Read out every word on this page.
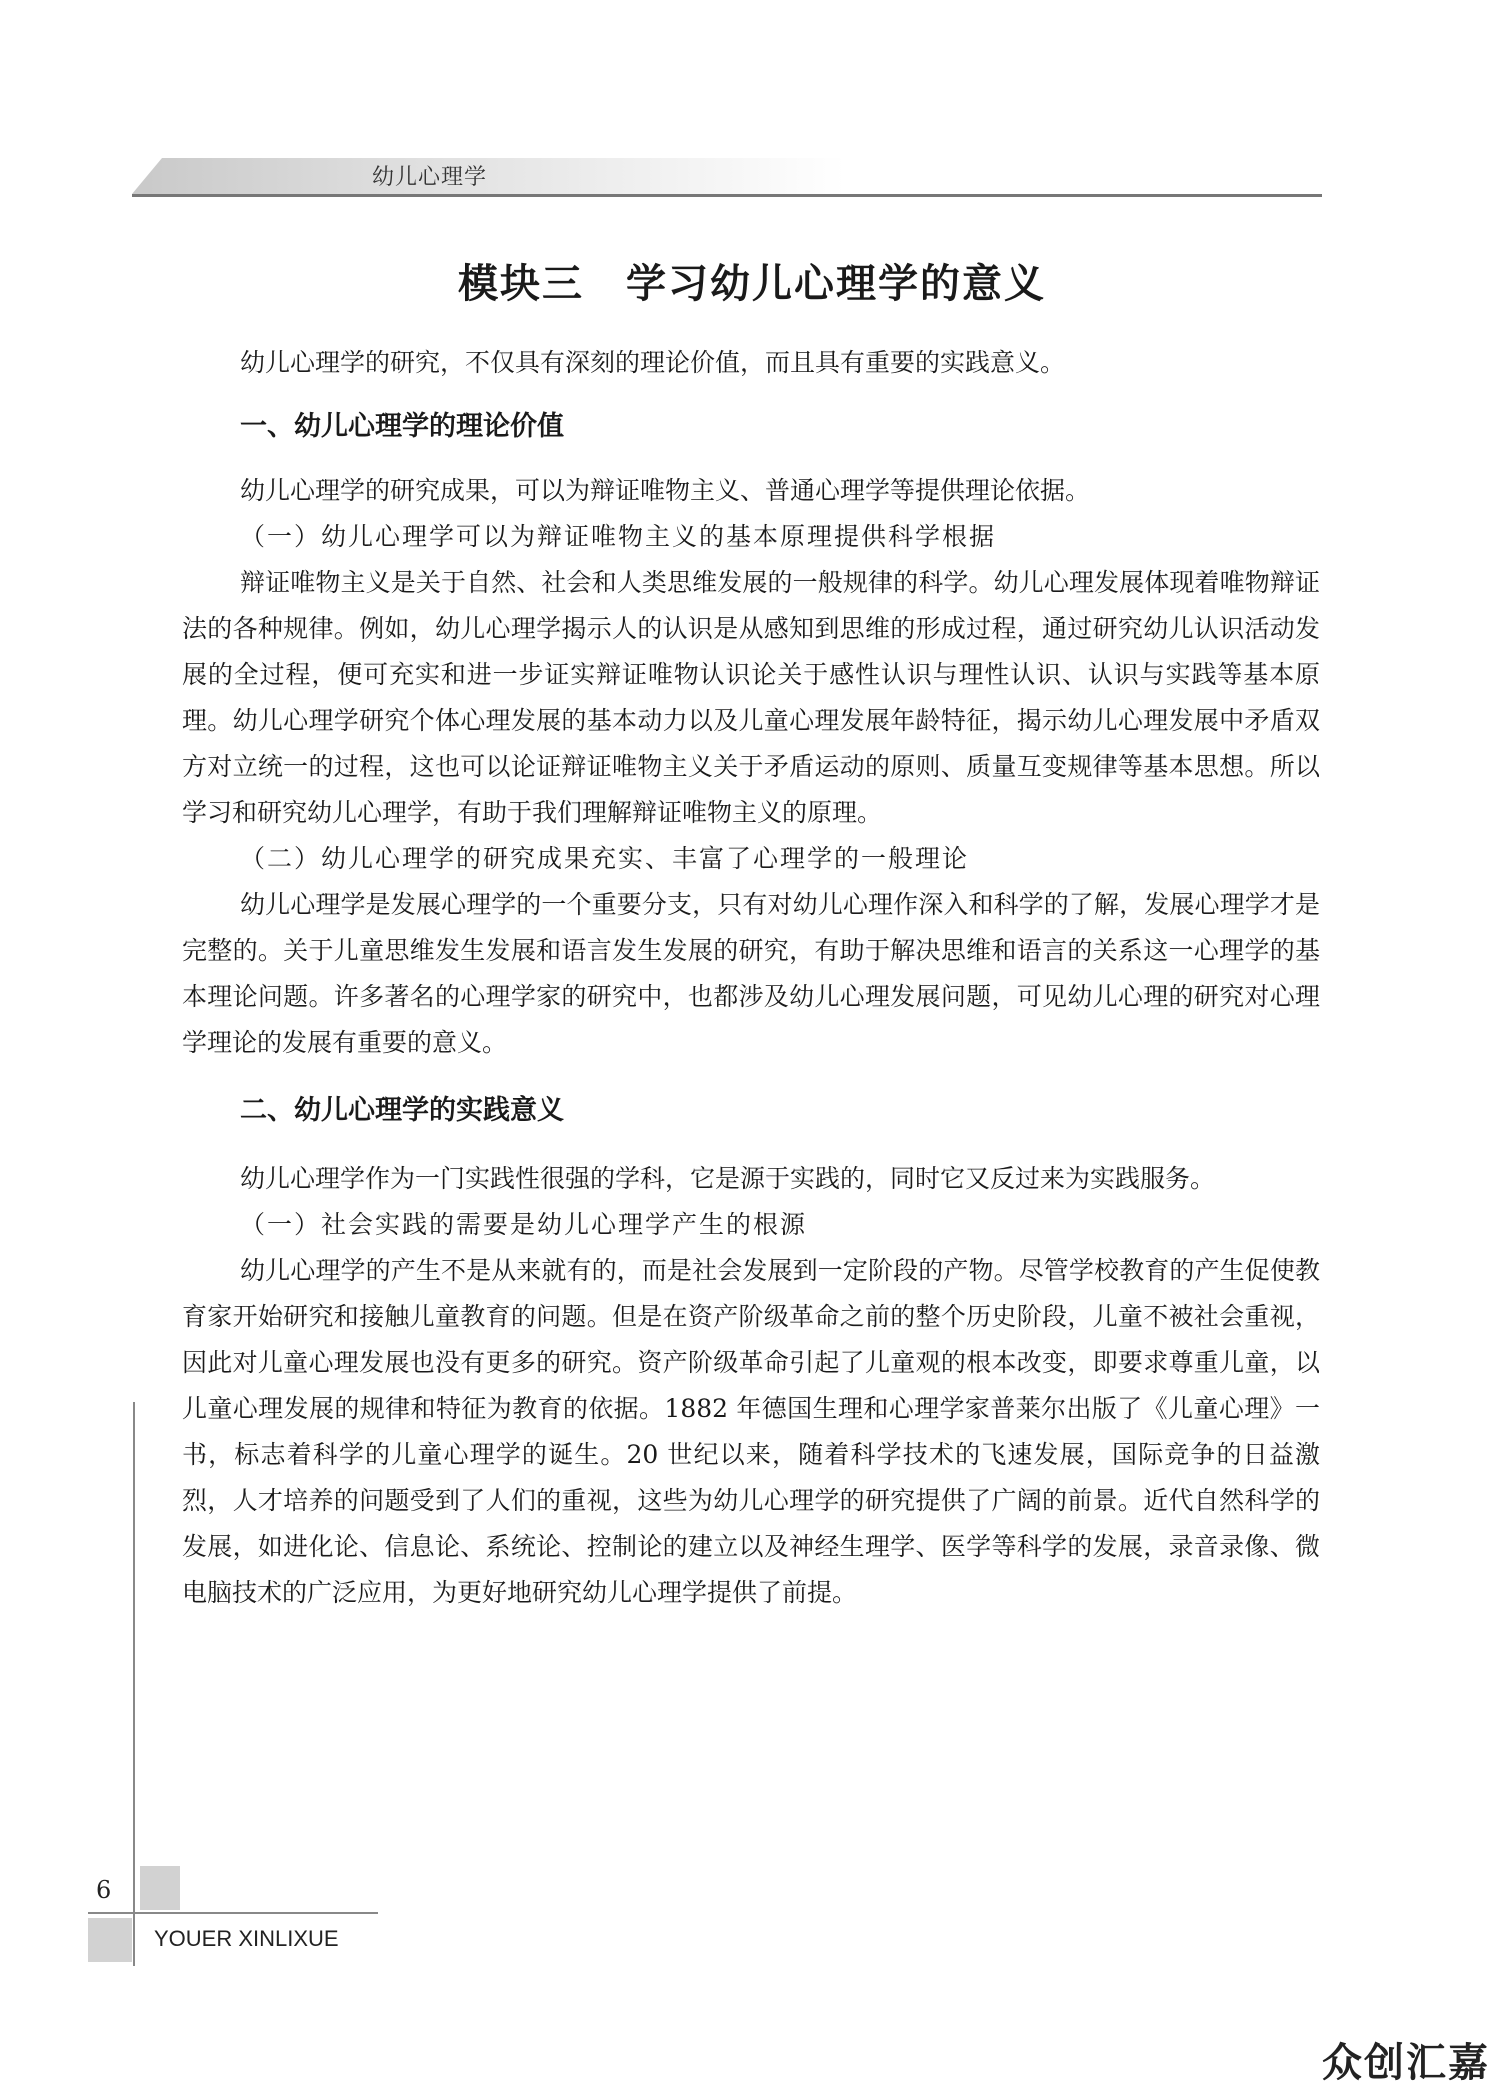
幼儿心理学
模块三　学习幼儿心理学的意义

幼儿心理学的研究，不仅具有深刻的理论价值，而且具有重要的实践意义。

一、幼儿心理学的理论价值

幼儿心理学的研究成果，可以为辩证唯物主义、普通心理学等提供理论依据。

（一）幼儿心理学可以为辩证唯物主义的基本原理提供科学根据

辩证唯物主义是关于自然、社会和人类思维发展的一般规律的科学。幼儿心理发展体现着唯物辩证法的各种规律。例如，幼儿心理学揭示人的认识是从感知到思维的形成过程，通过研究幼儿认识活动发展的全过程，便可充实和进一步证实辩证唯物认识论关于感性认识与理性认识、认识与实践等基本原理。幼儿心理学研究个体心理发展的基本动力以及儿童心理发展年龄特征，揭示幼儿心理发展中矛盾双方对立统一的过程，这也可以论证辩证唯物主义关于矛盾运动的原则、质量互变规律等基本思想。所以学习和研究幼儿心理学，有助于我们理解辩证唯物主义的原理。

（二）幼儿心理学的研究成果充实、丰富了心理学的一般理论

幼儿心理学是发展心理学的一个重要分支，只有对幼儿心理作深入和科学的了解，发展心理学才是完整的。关于儿童思维发生发展和语言发生发展的研究，有助于解决思维和语言的关系这一心理学的基本理论问题。许多著名的心理学家的研究中，也都涉及幼儿心理发展问题，可见幼儿心理的研究对心理学理论的发展有重要的意义。

二、幼儿心理学的实践意义

幼儿心理学作为一门实践性很强的学科，它是源于实践的，同时它又反过来为实践服务。

（一）社会实践的需要是幼儿心理学产生的根源

幼儿心理学的产生不是从来就有的，而是社会发展到一定阶段的产物。尽管学校教育的产生促使教育家开始研究和接触儿童教育的问题。但是在资产阶级革命之前的整个历史阶段，儿童不被社会重视，因此对儿童心理发展也没有更多的研究。资产阶级革命引起了儿童观的根本改变，即要求尊重儿童，以儿童心理发展的规律和特征为教育的依据。1882 年德国生理和心理学家普莱尔出版了《儿童心理》一书，标志着科学的儿童心理学的诞生。20 世纪以来，随着科学技术的飞速发展，国际竞争的日益激烈，人才培养的问题受到了人们的重视，这些为幼儿心理学的研究提供了广阔的前景。近代自然科学的发展，如进化论、信息论、系统论、控制论的建立以及神经生理学、医学等科学的发展，录音录像、微电脑技术的广泛应用，为更好地研究幼儿心理学提供了前提。

6
YOUER XINLIXUE
众创汇嘉
